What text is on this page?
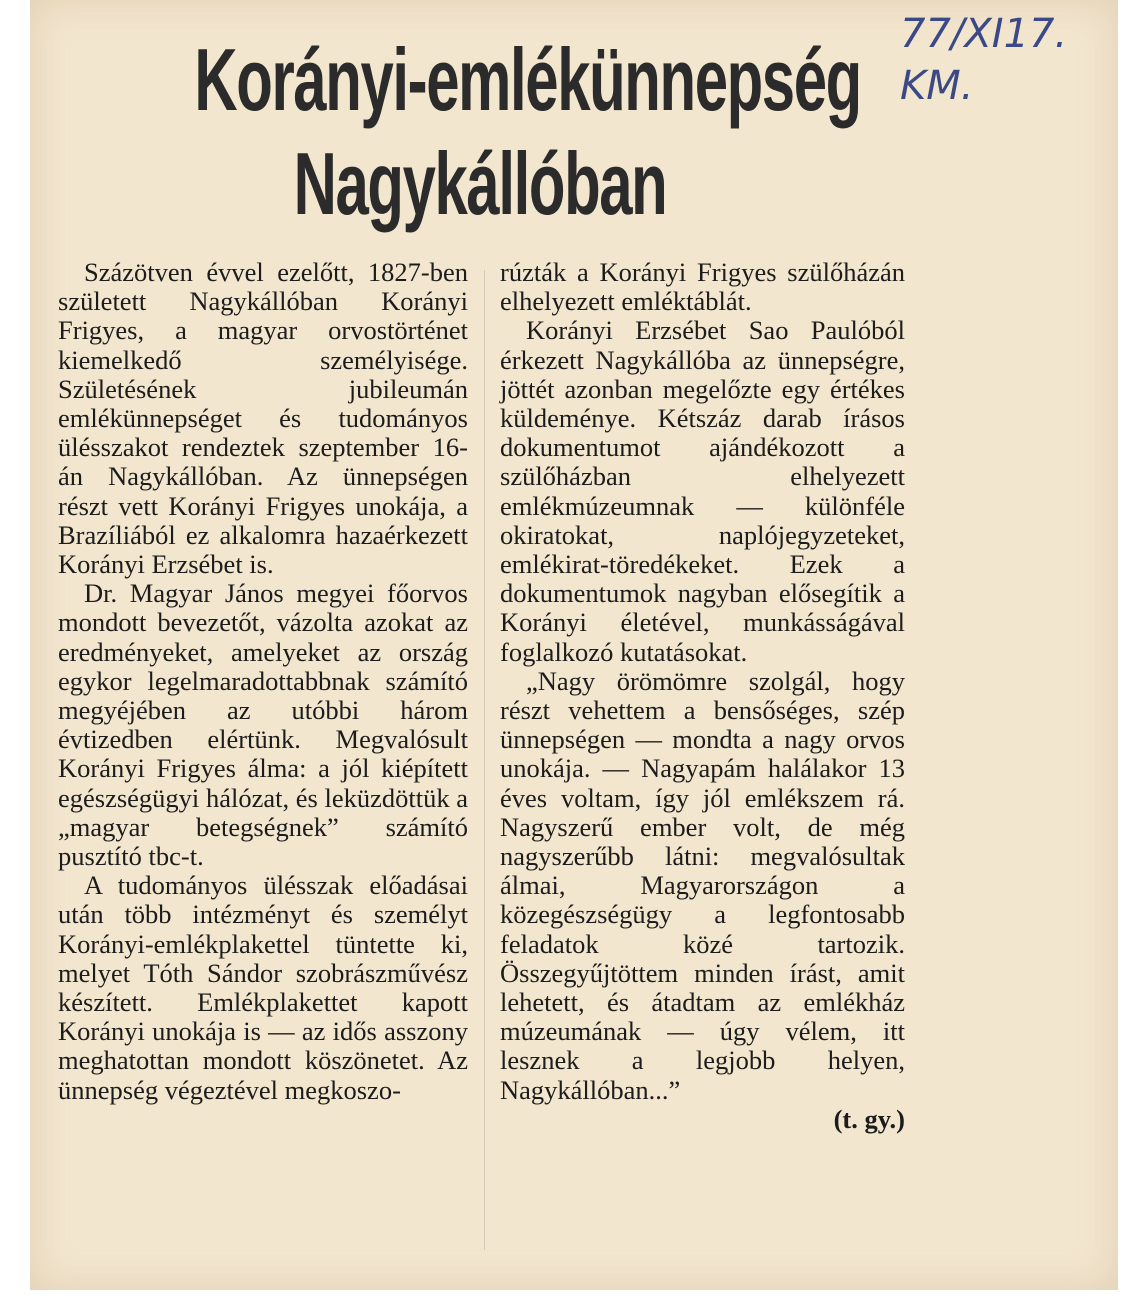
Korányi-emlékünnepség
Nagykállóban
77/XI17.
KM.

Százötven évvel ezelőtt, 1827-ben született Nagykállóban Korányi Frigyes, a magyar orvostörténet kiemelkedő személyisége. Születésének jubileumán emlékünnepséget és tudományos ülésszakot rendeztek szeptember 16-án Nagykállóban. Az ünnepségen részt vett Korányi Frigyes unokája, a Brazíliából ez alkalomra hazaérkezett Korányi Erzsébet is.

Dr. Magyar János megyei főorvos mondott bevezetőt, vázolta azokat az eredményeket, amelyeket az ország egykor legelmaradottabbnak számító megyéjében az utóbbi három évtizedben elértünk. Megvalósult Korányi Frigyes álma: a jól kiépített egészségügyi hálózat, és leküzdöttük a „magyar betegségnek” számító pusztító tbc-t.

A tudományos ülésszak előadásai után több intézményt és személyt Korányi-emlékplakettel tüntette ki, melyet Tóth Sándor szobrászművész készített. Emlékplakettet kapott Korányi unokája is — az idős asszony meghatottan mondott köszönetet. Az ünnepség végeztével megkoszo-

rúzták a Korányi Frigyes szülőházán elhelyezett emléktáblát.

Korányi Erzsébet Sao Paulóból érkezett Nagykállóba az ünnepségre, jöttét azonban megelőzte egy értékes küldeménye. Kétszáz darab írásos dokumentumot ajándékozott a szülőházban elhelyezett emlékmúzeumnak — különféle okiratokat, naplójegyzeteket, emlékirat-töredékeket. Ezek a dokumentumok nagyban elősegítik a Korányi életével, munkásságával foglalkozó kutatásokat.

„Nagy örömömre szolgál, hogy részt vehettem a bensőséges, szép ünnepségen — mondta a nagy orvos unokája. — Nagyapám halálakor 13 éves voltam, így jól emlékszem rá. Nagyszerű ember volt, de még nagyszerűbb látni: megvalósultak álmai, Magyarországon a közegészségügy a legfontosabb feladatok közé tartozik. Összegyűjtöttem minden írást, amit lehetett, és átadtam az emlékház múzeumának — úgy vélem, itt lesznek a legjobb helyen, Nagykállóban...”

(t. gy.)
